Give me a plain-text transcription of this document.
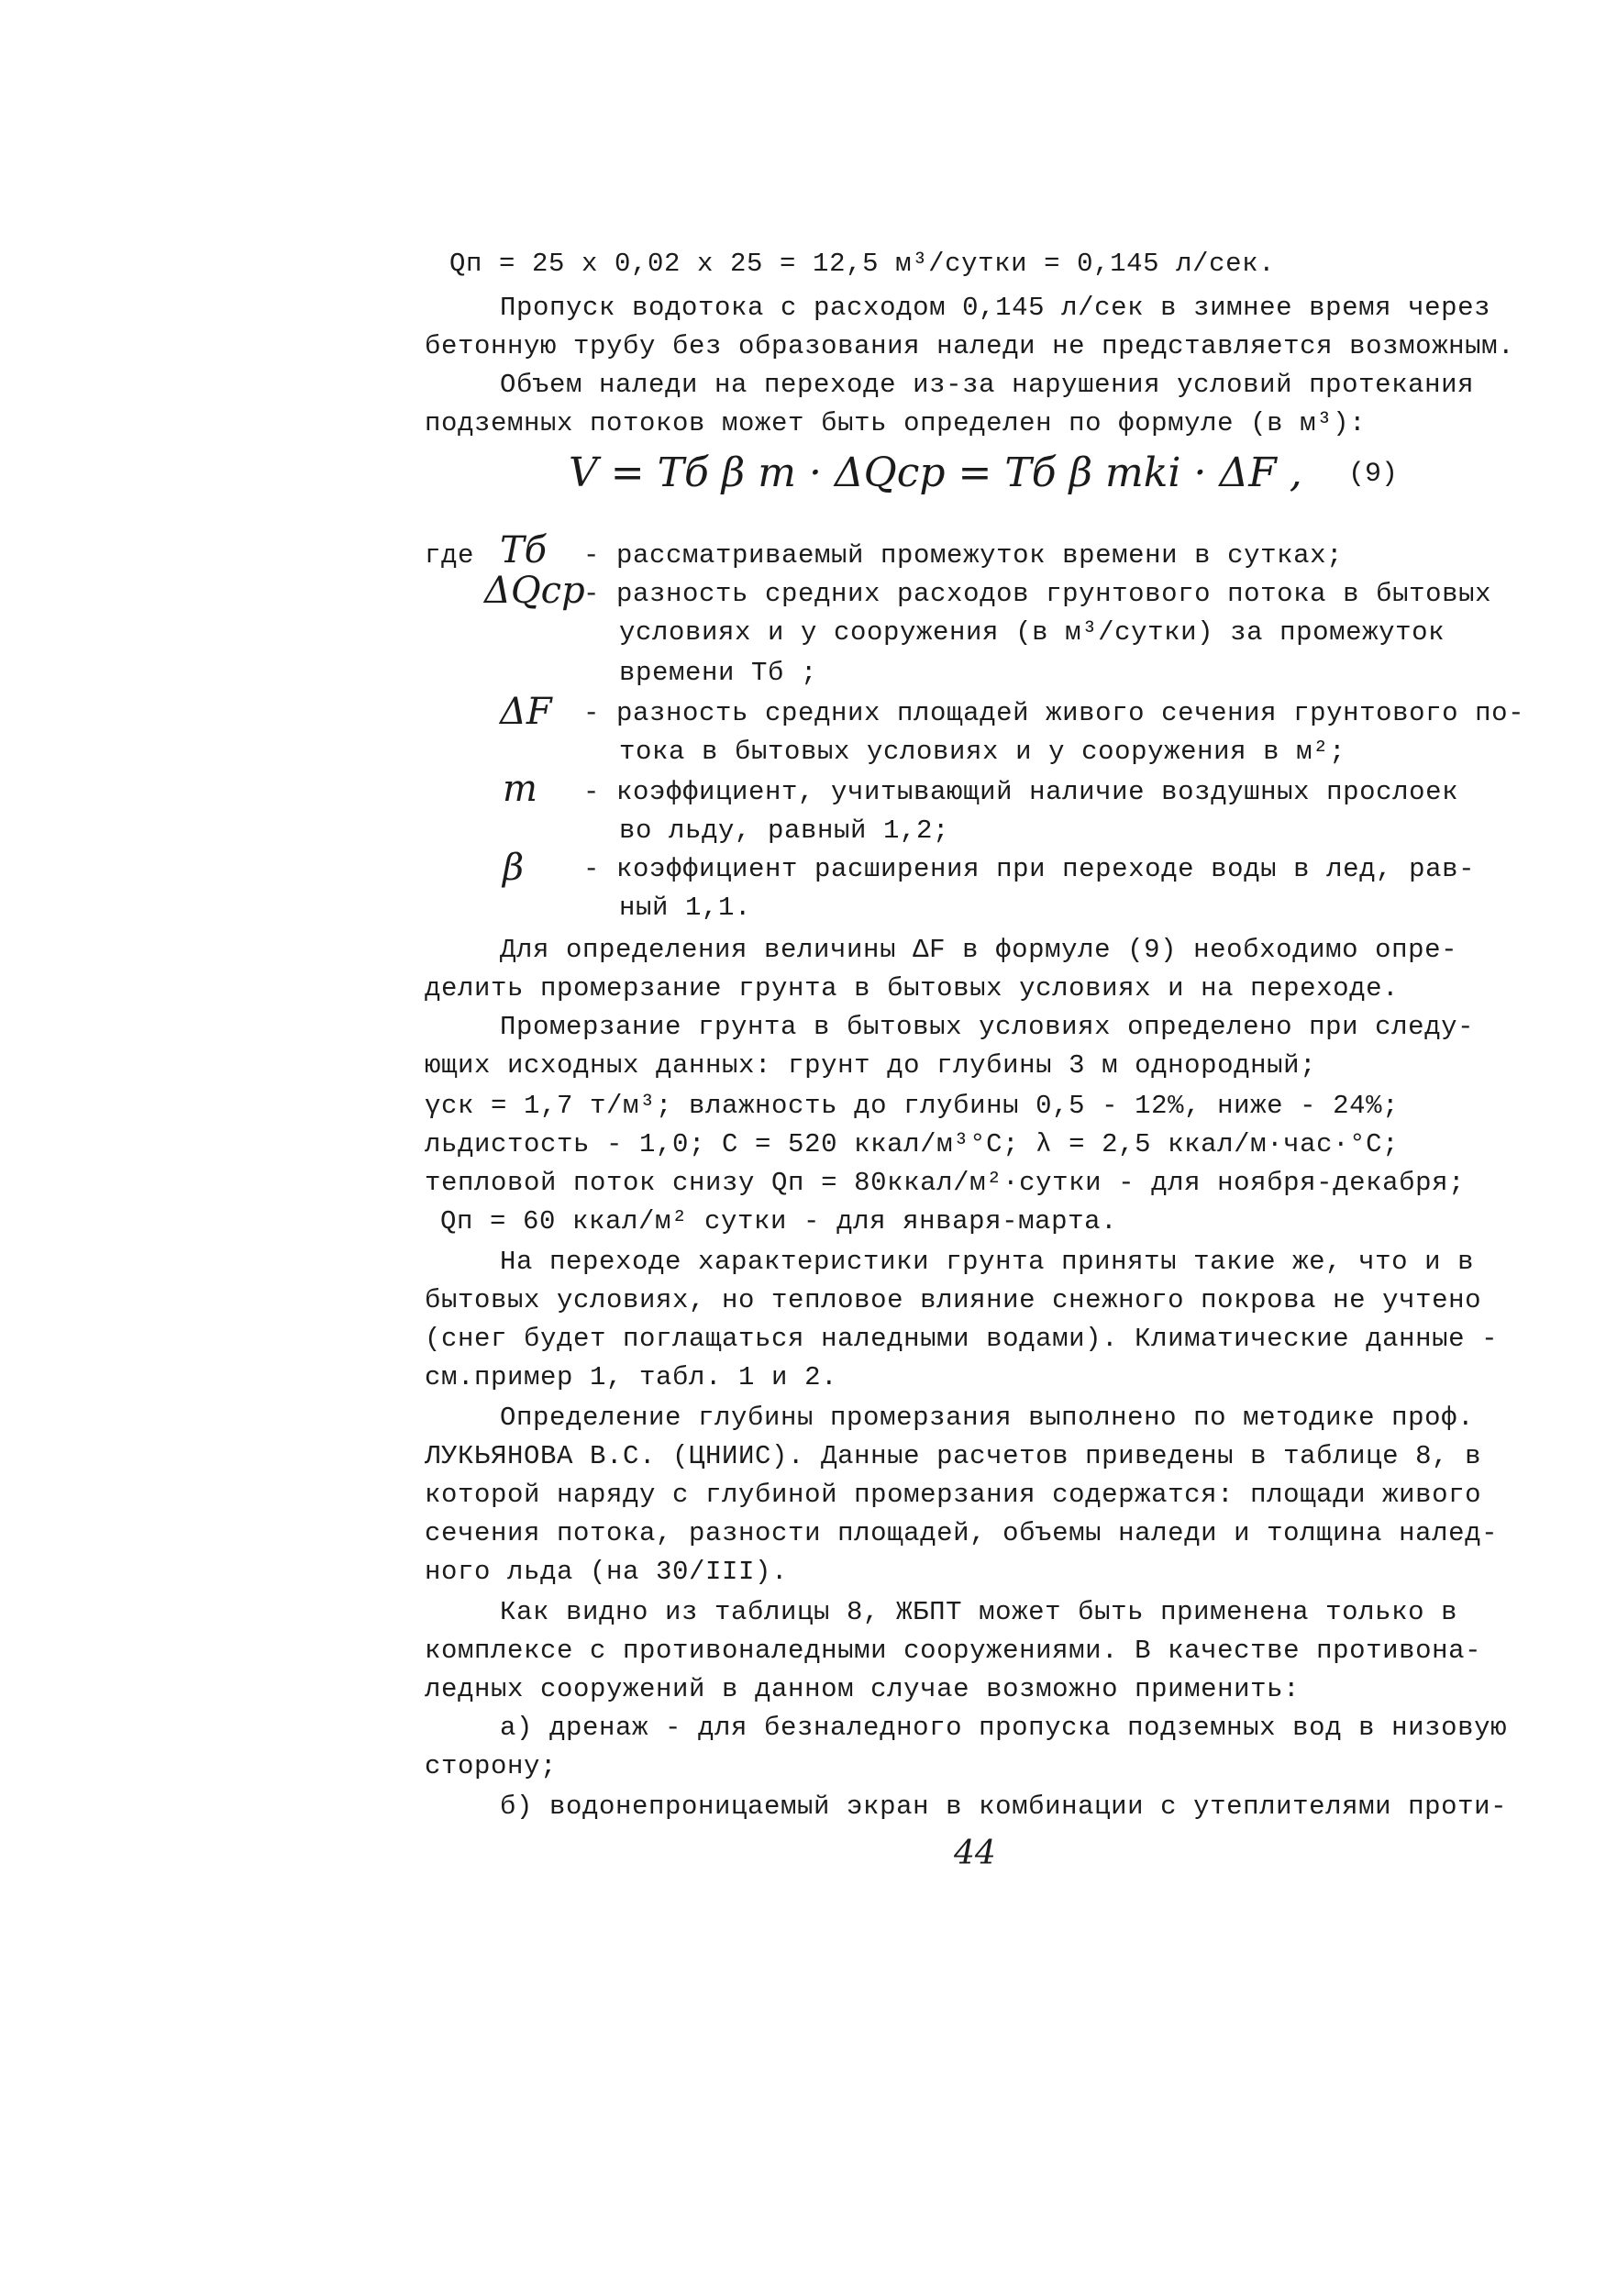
Qп = 25 х 0,02 х 25 = 12,5 м³/сутки = 0,145 л/сек.
Пропуск водотока с расходом 0,145 л/сек в зимнее время через
бетонную трубу без образования наледи не представляется возможным.
Объем наледи на переходе из-за нарушения условий протекания
подземных потоков может быть определен по формуле (в м³):
V = Tб β m · ΔQср = Tб β mki · ΔF , (9)
где Tб - рассматриваемый промежуток времени в сутках;
ΔQср
- разность средних расходов грунтового потока в бытовых
условиях и у сооружения (в м³/сутки) за промежуток
времени Tб ;
ΔF - разность средних площадей живого сечения грунтового по-
тока в бытовых условиях и у сооружения в м²;
m - коэффициент, учитывающий наличие воздушных прослоек
во льду, равный 1,2;
β - коэффициент расширения при переходе воды в лед, рав-
ный 1,1.
Для определения величины ΔF в формуле (9) необходимо опре-
делить промерзание грунта в бытовых условиях и на переходе.
Промерзание грунта в бытовых условиях определено при следу-
ющих исходных данных: грунт до глубины 3 м однородный;
γск = 1,7 т/м³; влажность до глубины 0,5 - 12%, ниже - 24%;
льдистость - 1,0; C = 520 ккал/м³°C; λ = 2,5 ккал/м·час·°C;
тепловой поток снизу Qп = 80ккал/м²·сутки - для ноября-декабря;
Qп = 60 ккал/м² сутки - для января-марта.
На переходе характеристики грунта приняты такие же, что и в
бытовых условиях, но тепловое влияние снежного покрова не учтено
(снег будет поглащаться наледными водами). Климатические данные -
см.пример 1, табл. 1 и 2.
Определение глубины промерзания выполнено по методике проф.
ЛУКЬЯНОВА В.С. (ЦНИИС). Данные расчетов приведены в таблице 8, в
которой наряду с глубиной промерзания содержатся: площади живого
сечения потока, разности площадей, объемы наледи и толщина налед-
ного льда (на 30/III).
Как видно из таблицы 8, ЖБПТ может быть применена только в
комплексе с противоналедными сооружениями. В качестве противона-
ледных сооружений в данном случае возможно применить:
а) дренаж - для безналедного пропуска подземных вод в низовую
сторону;
б) водонепроницаемый экран в комбинации с утеплителями проти-
44
